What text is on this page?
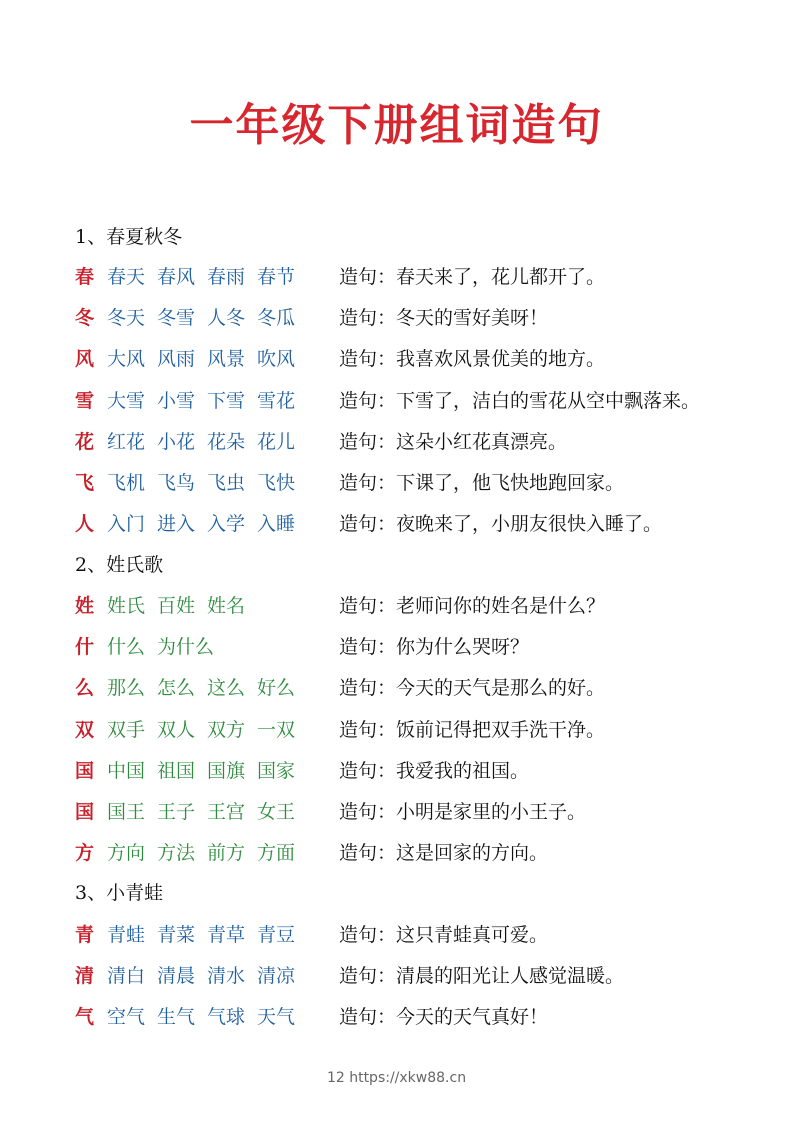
一年级下册组词造句
1、春夏秋冬
春 春天 春风 春雨 春节	造句：春天来了，花儿都开了。
冬 冬天 冬雪 人冬 冬瓜	造句：冬天的雪好美呀！
风 大风 风雨 风景 吹风	造句：我喜欢风景优美的地方。
雪 大雪 小雪 下雪 雪花	造句：下雪了，洁白的雪花从空中飘落来。
花 红花 小花 花朵 花儿	造句：这朵小红花真漂亮。
飞 飞机 飞鸟 飞虫 飞快	造句：下课了，他飞快地跑回家。
人 入门 进入 入学 入睡	造句：夜晚来了，小朋友很快入睡了。
2、姓氏歌
姓 姓氏 百姓 姓名	造句：老师问你的姓名是什么？
什 什么 为什么	造句：你为什么哭呀？
么 那么 怎么 这么 好么	造句：今天的天气是那么的好。
双 双手 双人 双方 一双	造句：饭前记得把双手洗干净。
国 中国 祖国 国旗 国家	造句：我爱我的祖国。
国 国王 王子 王宫 女王	造句：小明是家里的小王子。
方 方向 方法 前方 方面	造句：这是回家的方向。
3、小青蛙
青 青蛙 青菜 青草 青豆	造句：这只青蛙真可爱。
清 清白 清晨 清水 清凉	造句：清晨的阳光让人感觉温暖。
气 空气 生气 气球 天气	造句：今天的天气真好！
12 https://xkw88.cn
